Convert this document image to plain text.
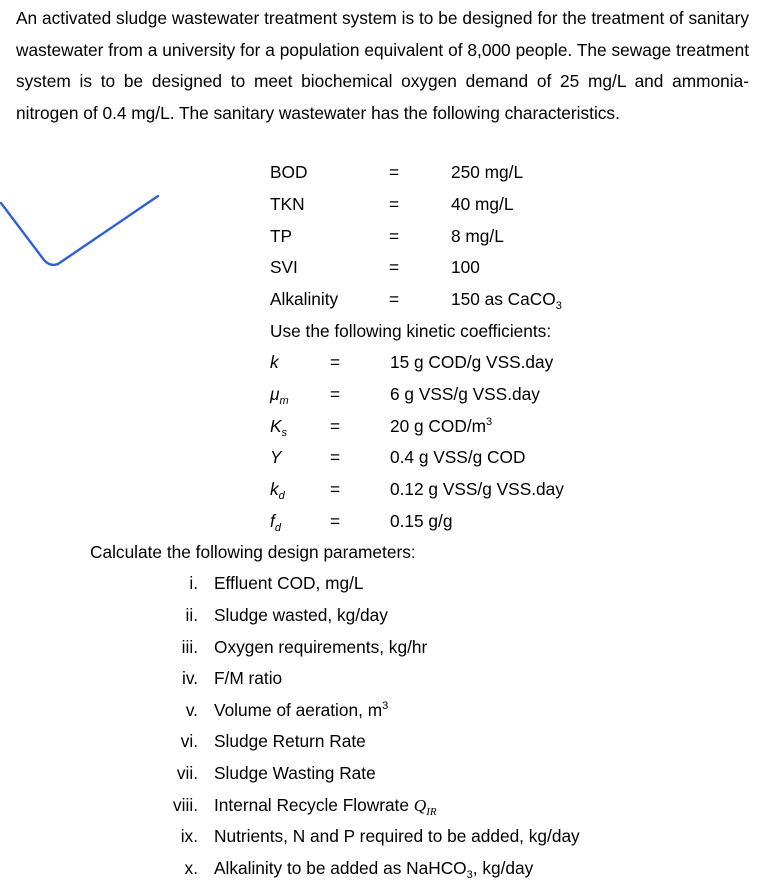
An activated sludge wastewater treatment system is to be designed for the treatment of sanitary wastewater from a university for a population equivalent of 8,000 people. The sewage treatment system is to be designed to meet biochemical oxygen demand of 25 mg/L and ammonia-nitrogen of 0.4 mg/L. The sanitary wastewater has the following characteristics.

BOD	=	250 mg/L
TKN	=	40 mg/L
TP	=	8 mg/L
SVI	=	100
Alkalinity	=	150 as CaCO$_3$
Use the following kinetic coefficients:
k	=	15 g COD/g VSS.day
$\mu_m$ =	6 g VSS/g VSS.day
$K_s$ =	20 g COD/$m^3$
Y	=	0.4 g VSS/g COD
$k_d$	=	0.12 g VSS/g VSS.day
$f_d$	=	0.15 g/g
Calculate the following design parameters:
i. Effluent COD, mg/L
ii. Sludge wasted, kg/day
iii. Oxygen requirements, kg/hr
iv. F/M ratio
v. Volume of aeration, $m^3$
vi. Sludge Return Rate
vii. Sludge Wasting Rate
viii. Internal Recycle Flowrate $Q_{IR}$
ix. Nutrients, N and P required to be added, kg/day
x. Alkalinity to be added as NaHCO$_3$, kg/day
